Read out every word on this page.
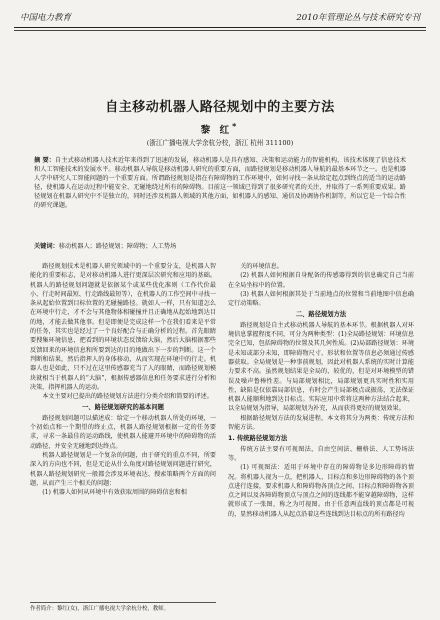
中国电力教育	2010年管理论丛与技术研究专刊
自主移动机器人路径规划中的主要方法
黎 红*
(浙江广播电视大学余杭分校，浙江 杭州 311100)
摘 要：自主式移动机器人技术近年来得到了迅速的发展，移动机器人是具有感知、决策和运动能力的智能机构，该技术体现了信息技术和人工智能技术的发展水平。移动机器人导航是移动机器人研究的重要方面，而路径规划是移动机器人导航的最基本环节之一。也是机器人学中研究人工智能问题的一个重要方面。所谓路径规划是指在有障碍物的工作环境中，如何寻找一条从给定起点到终点的适当的运动路径，使机器人在运动过程中能安全、无碰地绕过所有的障碍物。目前这一领域已得到了很多研究者的关注，并取得了一系列重要成果。路径规划在机器人研究中不是独立的，同时还涉及机器人领域的其他方面，如机器人的感知、通信及协调协作机制等，所以它是一个综合性的研究课题。
关键词：移动机器人；路径规划；障碍物；人工势场

路径规划技术是机器人研究领域中的一个重要分支，是机器人智能化的重要标志，是对移动机器人进行更深层次研究和应用的基础。机器人的路径规划问题就是依据某个或某些优化准则（工作代价最小、行走时间最短、行走路线最短等），在机器人的工作空间中寻找一条从起始位置到目标位置的无碰撞路径。就如人一样，只有知道怎么在环境中行走，才不会与其他物体相碰撞并且正确地从起始地到达目的地，才能去做其他事。但是即便是完成这样一个在我们看来是平常的任务，其实也是经过了一个良好配合与正确分析的过程。首先眼睛要搜集环境信息，把看到的环境状态反馈给大脑，然后大脑根据那些反馈回来的环境信息和所要到达的目的地做出下一步的判断。这一个判断和结果，然后指挥人的身体移动，从而实现在环境中的行走。机器人也是如此，只不过在这里传感器充当了人的眼睛，而路径规划模块就相当于机器人的“大脑”，根据传感器信息和任务要求进行分析和决策，指挥机器人的运动。

本文主要对已提出的路径规划方法进行分类介绍和简要的评述。

一、路径规划研究的基本问题

路径规划问题可以描述成：给定一个移动机器人所处的环境，一个初始点和一个期望的终止点，机器人路径规划根据一定的任务要求，寻求一条最佳的运动路线，使机器人能避开环境中的障碍物的活动路径，并安全无碰地到达终点。

机器人路径规划是一个复杂的问题，由于研究的重点不同，所要深入的方向也不同，但是无论从什么角度对路径规划问题进行研究，机器人路径规划研究一般都会涉及环境表达、搜索策略两个方面的问题，从而产生三个相关的问题：

(1) 机器人如何从环境中有效获取周围的障碍信息和相

关的环境信息。

(2) 机器人如何根据自身配备的传感器得到的信息确定自己当前在全局坐标中的位置。

(3) 机器人如何根据其处于当前地点的位置和当前地图中信息确定行动策略。

二、路径规划方法

路径规划是自主式移动机器人导航的基本环节。根据机器人对环境信息掌握程度不同，可分为两种类型：(1)全局路径规划：环境信息完全已知，包括障碍物的位置及其几何性质。(2)局部路径规划：环境是未知或部分未知，即障碍物尺寸、形状和位置等信息必须通过传感器获取。全局规划是一种事前规划，因此对机器人系统的实时计算能力要求不高。虽然规划结果是全局的、较优的，但是对环境模型的错误及噪声鲁棒性差。与局部规划相比，局部规划更具实时性和实用性，缺陷是仅依靠局部信息，有时会产生局部极点或振荡，无法保证机器人能顺利地到达目标点。实际应用中常将这两种方法结合起来，以全局规划为指导，局部规划为补充，从而获得更好的规划效果。

根据路径规划方法的发展进程，本文将其分为两类：传统方法和智能方法。

1. 传统路径规划方法

传统方法主要有可视图法、自由空间法、栅格法、人工势场法等。

(1) 可视图法：适用于环境中存在的障碍物是多边形障碍的情况。将机器人视为一点，把机器人、目标点和多边形障碍物的各个顶点进行连接，要求机器人和障碍物各顶点之间、目标点和障碍物各顶点之间以及各障碍物顶点与顶点之间的连线都不能穿越障碍物，这样就形成了一张图，称之为可视图。由于任意两直线的顶点都是可视的，显然移动机器人从起点沿着这些连线到达目标点的所有路径均

作者简介：黎红(女)，浙江广播电视大学余杭分校，教师。
